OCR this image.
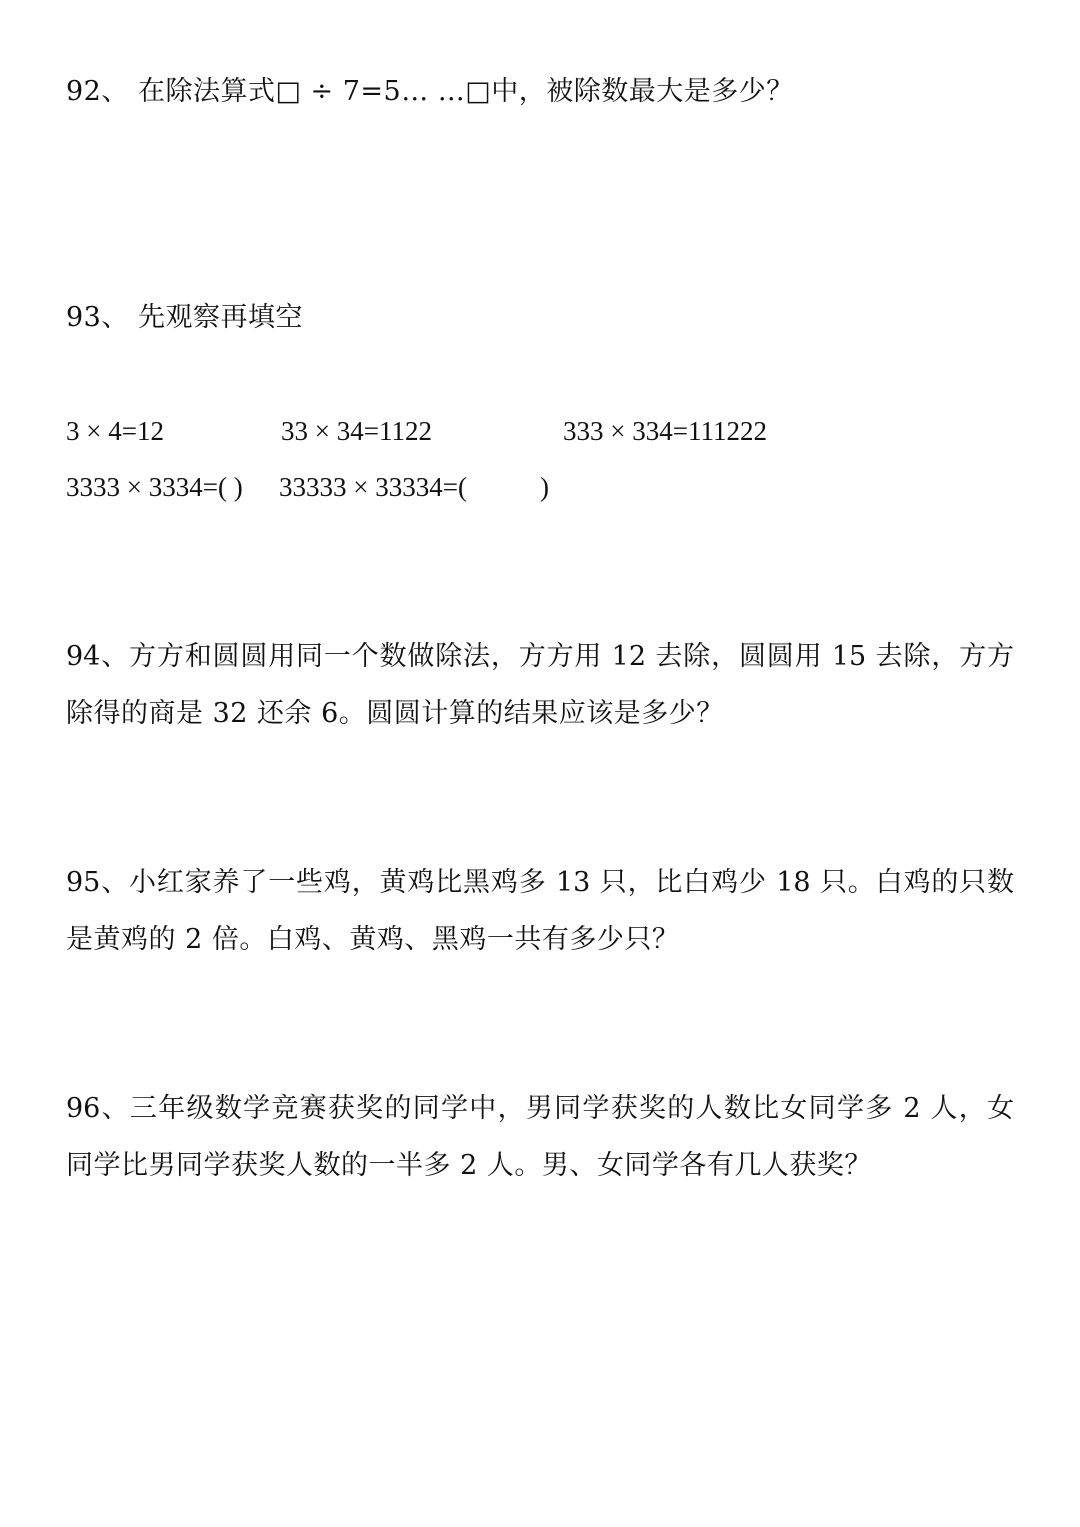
92、 在除法算式□ ÷ 7=5… …□中，被除数最大是多少？
93、 先观察再填空
3 × 4=12	33 × 34=1122	333 × 334=111222
3333 × 3334=( ) 33333 × 33334=(	)
94、方方和圆圆用同一个数做除法，方方用 12 去除，圆圆用 15 去除，方方
除得的商是 32 还余 6。圆圆计算的结果应该是多少？
95、小红家养了一些鸡，黄鸡比黑鸡多 13 只，比白鸡少 18 只。白鸡的只数
是黄鸡的 2 倍。白鸡、黄鸡、黑鸡一共有多少只？
96、三年级数学竞赛获奖的同学中，男同学获奖的人数比女同学多 2 人，女
同学比男同学获奖人数的一半多 2 人。男、女同学各有几人获奖？
